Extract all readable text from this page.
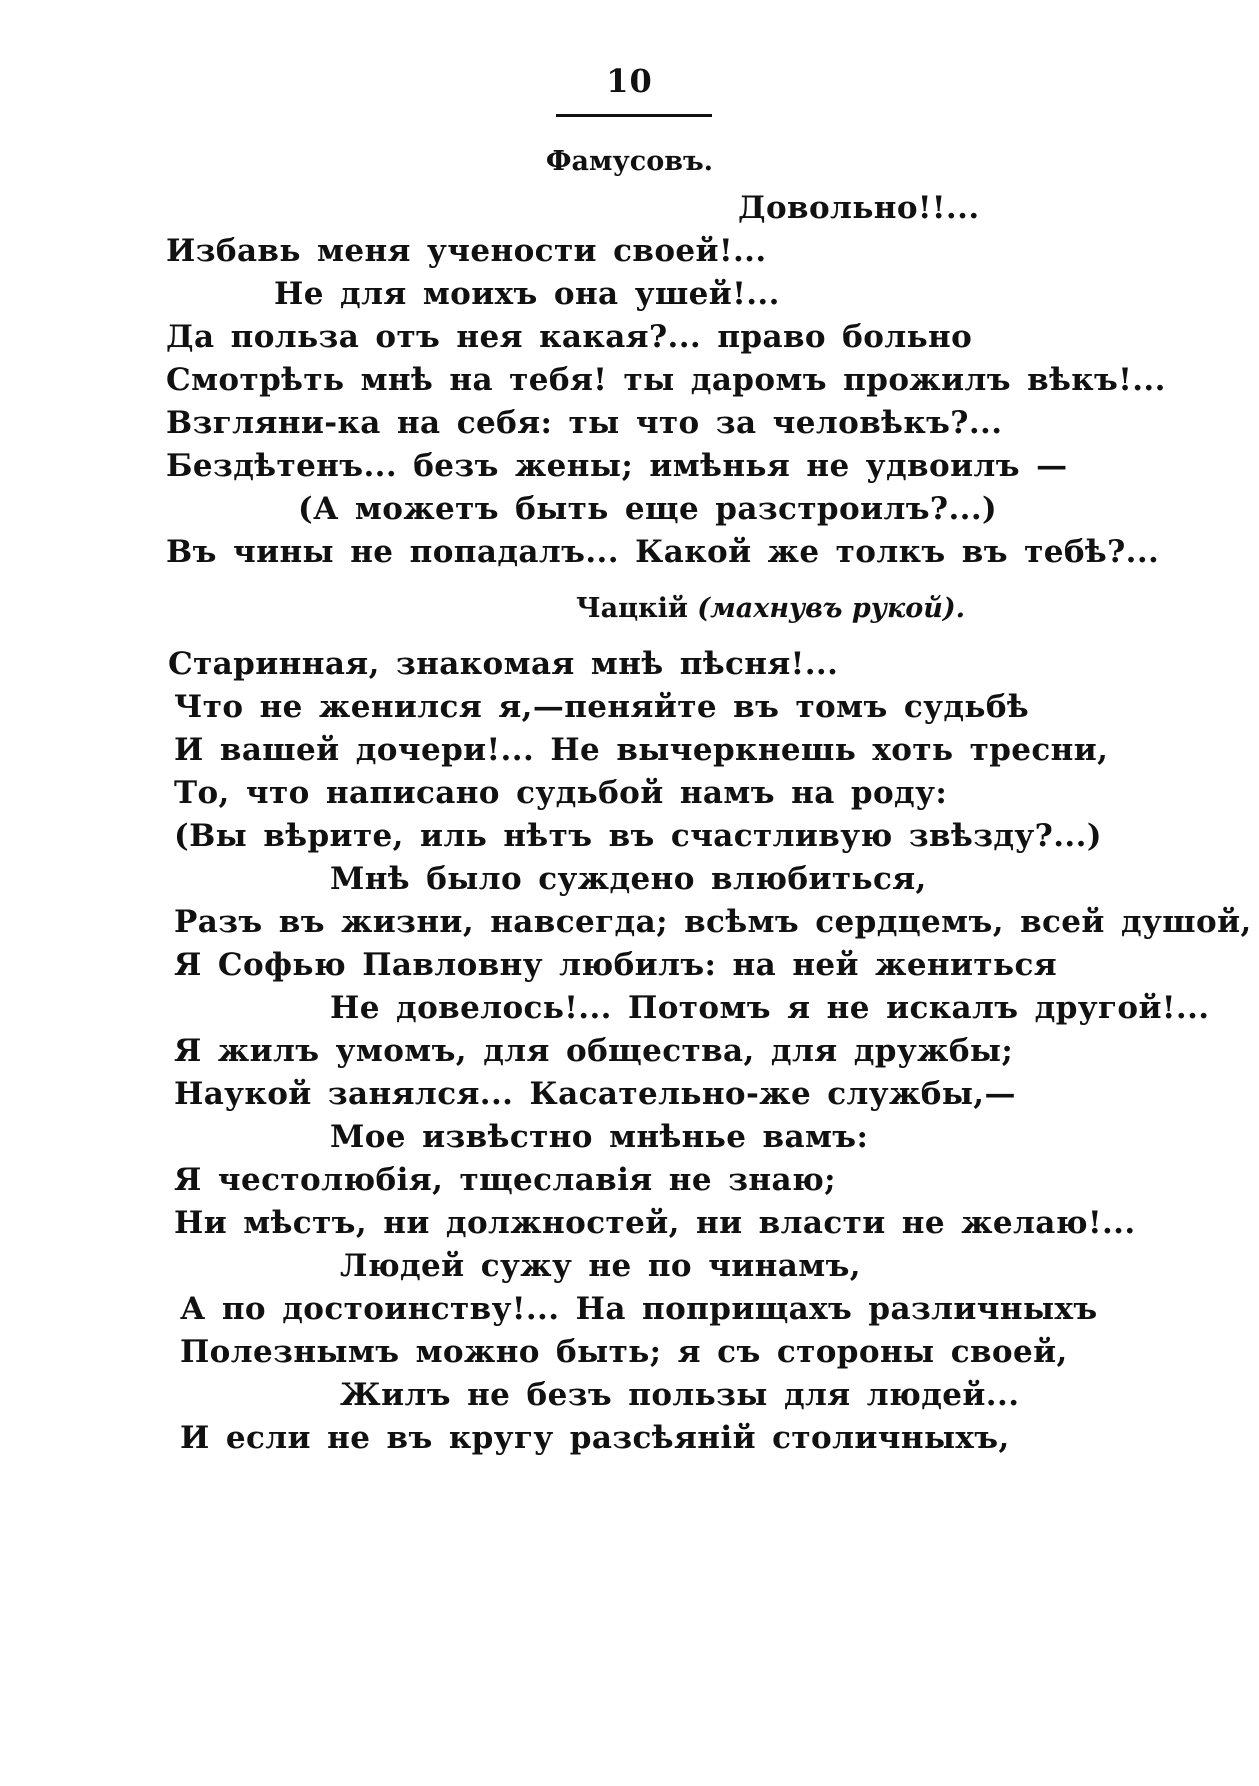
10
Фамусовъ.
Довольно!!...
Избавь меня учености своей!...
Не для моихъ она ушей!...
Да польза отъ нея какая?... право больно
Смотрѣть мнѣ на тебя! ты даромъ прожилъ вѣкъ!...
Взгляни-ка на себя: ты что за человѣкъ?...
Бездѣтенъ... безъ жены; имѣнья не удвоилъ —
(А можетъ быть еще разстроилъ?...)
Въ чины не попадалъ... Какой же толкъ въ тебѣ?...
Чацкій (махнувъ рукой).
Старинная, знакомая мнѣ пѣсня!...
Что не женился я,—пеняйте въ томъ судьбѣ
И вашей дочери!... Не вычеркнешь хоть тресни,
То, что написано судьбой намъ на роду:
(Вы вѣрите, иль нѣтъ въ счастливую звѣзду?...)
Мнѣ было суждено влюбиться,
Разъ въ жизни, навсегда; всѣмъ сердцемъ, всей душой,
Я Софью Павловну любилъ: на ней жениться
Не довелось!... Потомъ я не искалъ другой!...
Я жилъ умомъ, для общества, для дружбы;
Наукой занялся... Касательно-же службы,—
Мое извѣстно мнѣнье вамъ:
Я честолюбія, тщеславія не знаю;
Ни мѣстъ, ни должностей, ни власти не желаю!...
Людей сужу не по чинамъ,
А по достоинству!... На поприщахъ различныхъ
Полезнымъ можно быть; я съ стороны своей,
Жилъ не безъ пользы для людей...
И если не въ кругу разсѣяній столичныхъ,
